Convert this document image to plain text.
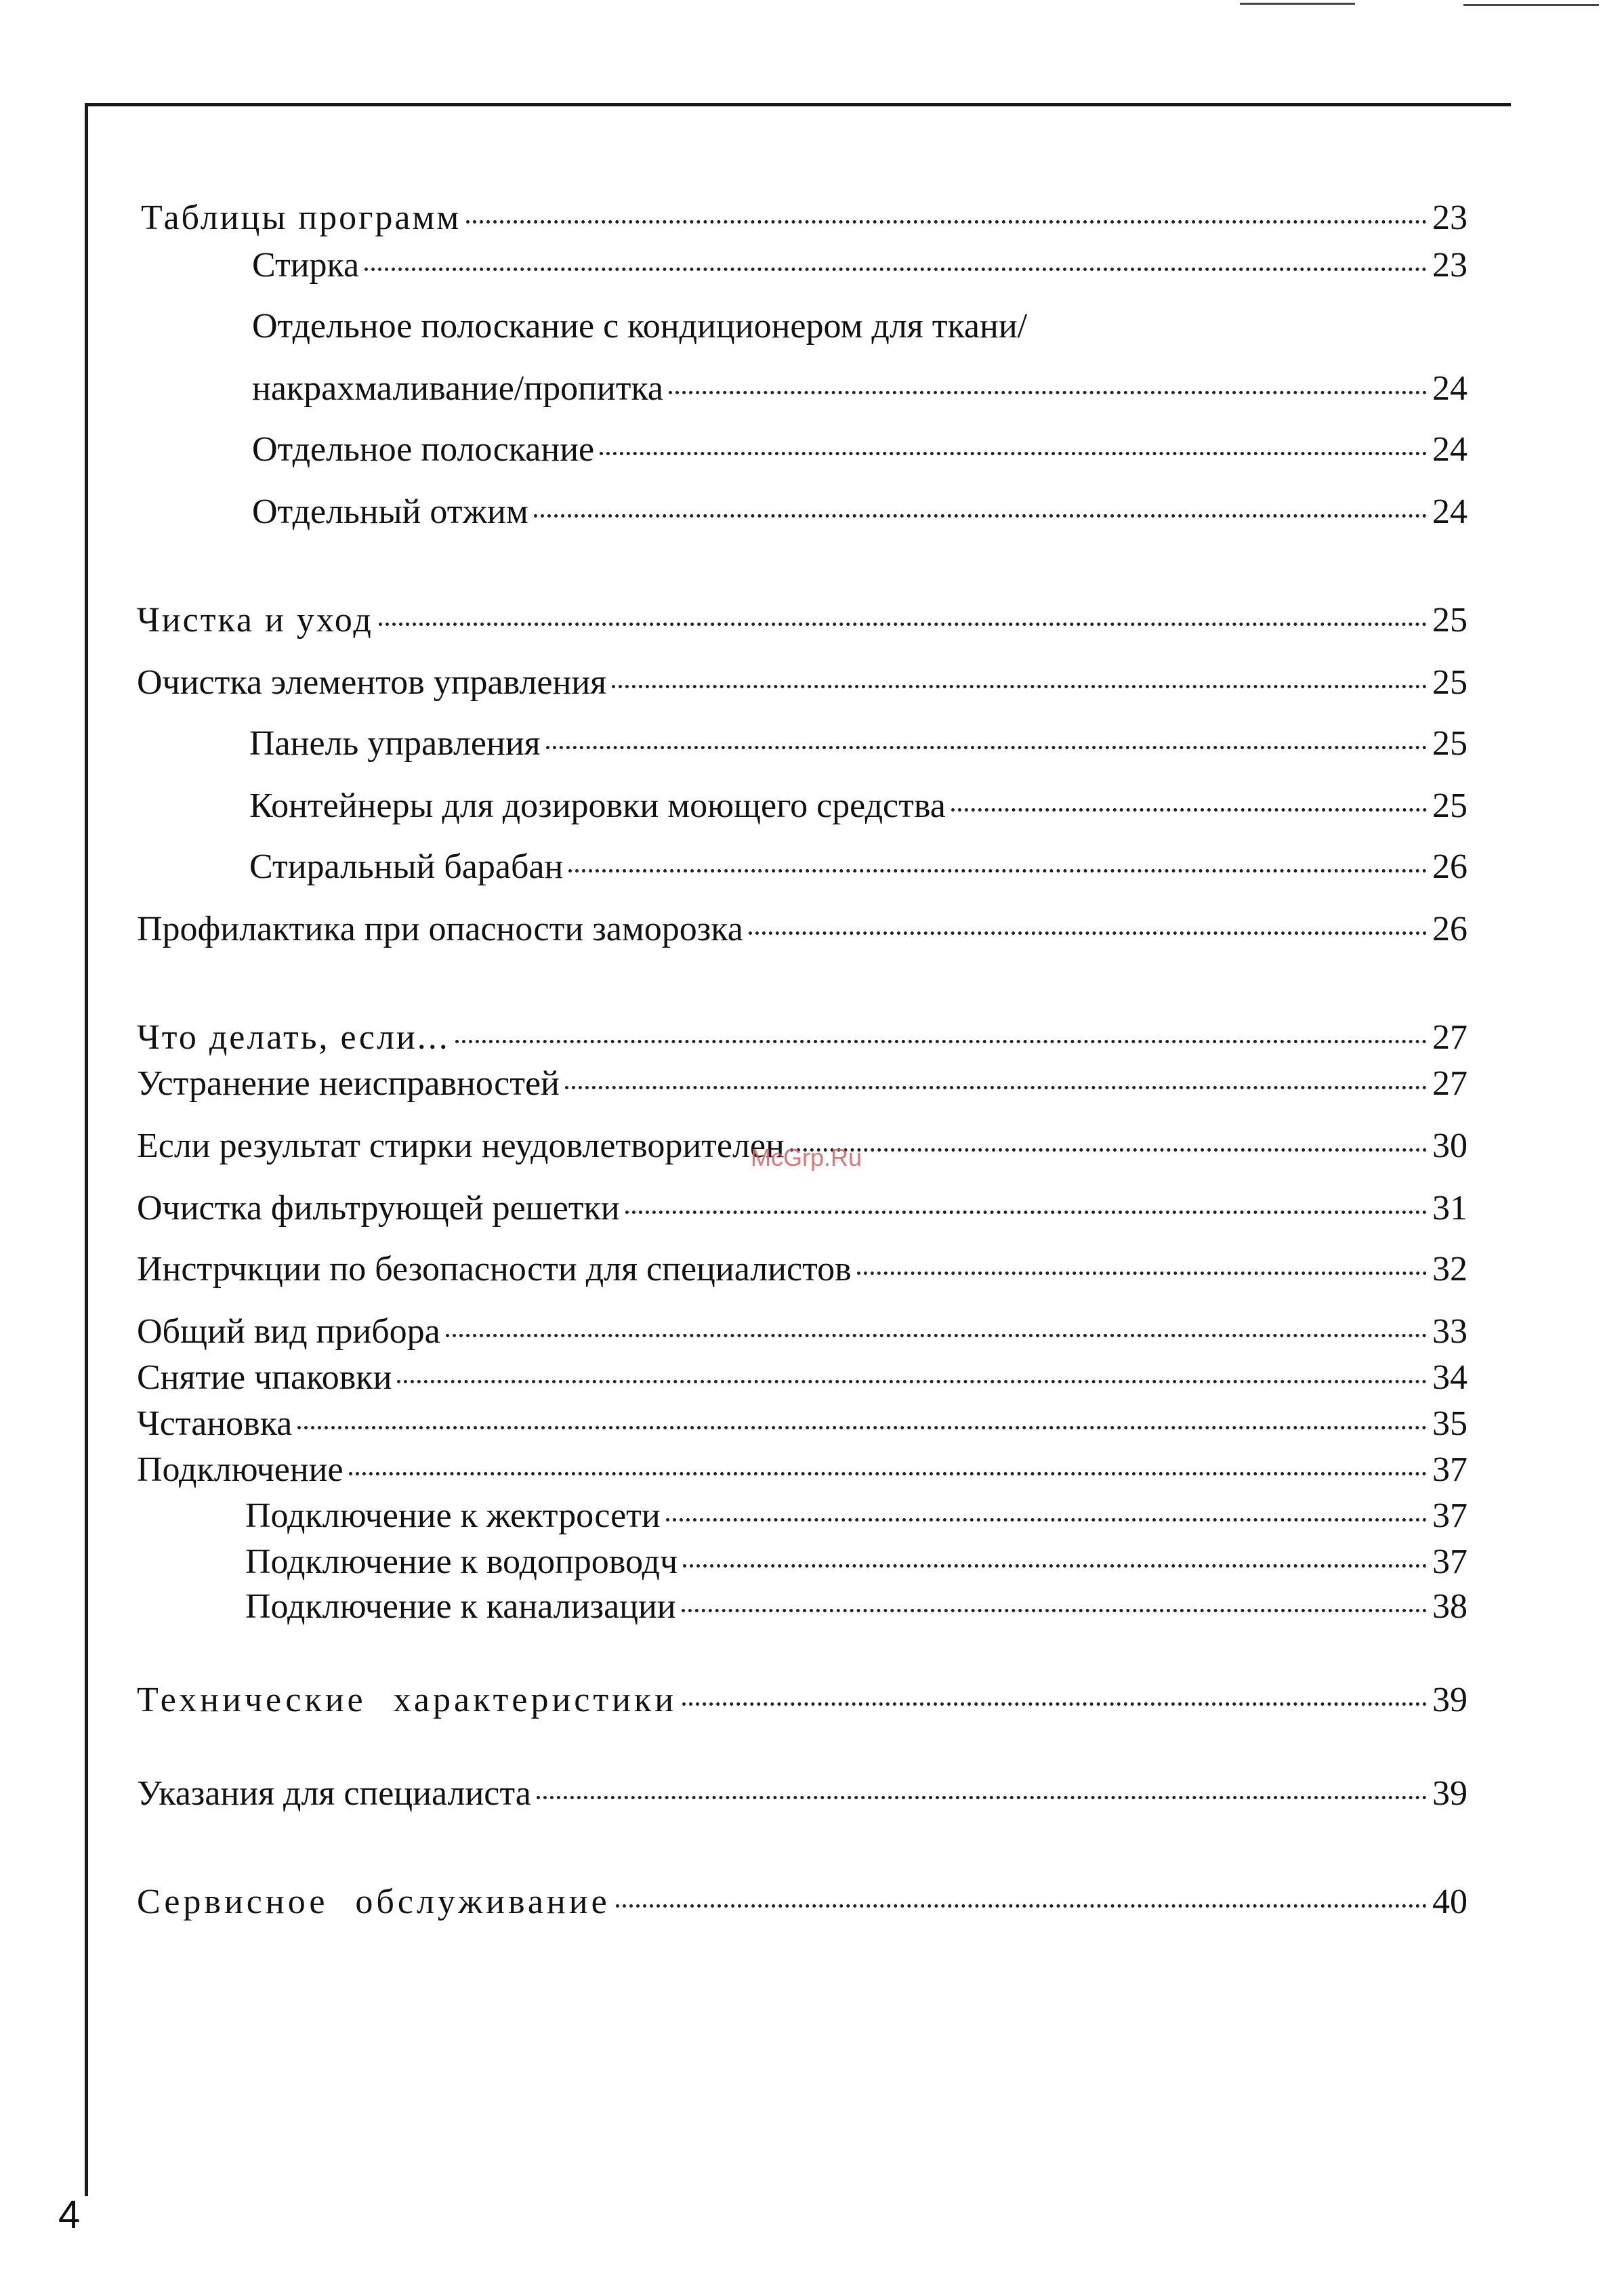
Таблицы программ	23
Стирка	23
Отдельное полоскание с кондиционером для ткани/
накрахмаливание/пропитка	24
Отдельное полоскание	24
Отдельный отжим	24
Чистка и уход	25
Очистка элементов управления	25
Панель управления	25
Контейнеры для дозировки моющего средства	25
Стиральный барабан	26
Профилактика при опасности заморозка	26
Что делать, если...	27
Устранение неисправностей	27
Если результат стирки неудовлетворителен	30
Очистка фильтрующей решетки	31
Инстрчкции по безопасности для специалистов	32
Общий вид прибора	33
Снятие чпаковки	34
Чстановка	35
Подключение	37
Подключение к жектросети	37
Подключение к водопроводч	37
Подключение к канализации	38
Технические характеристики	39
Указания для специалиста	39
Сервисное обслуживание	40
McGrp.Ru
4
